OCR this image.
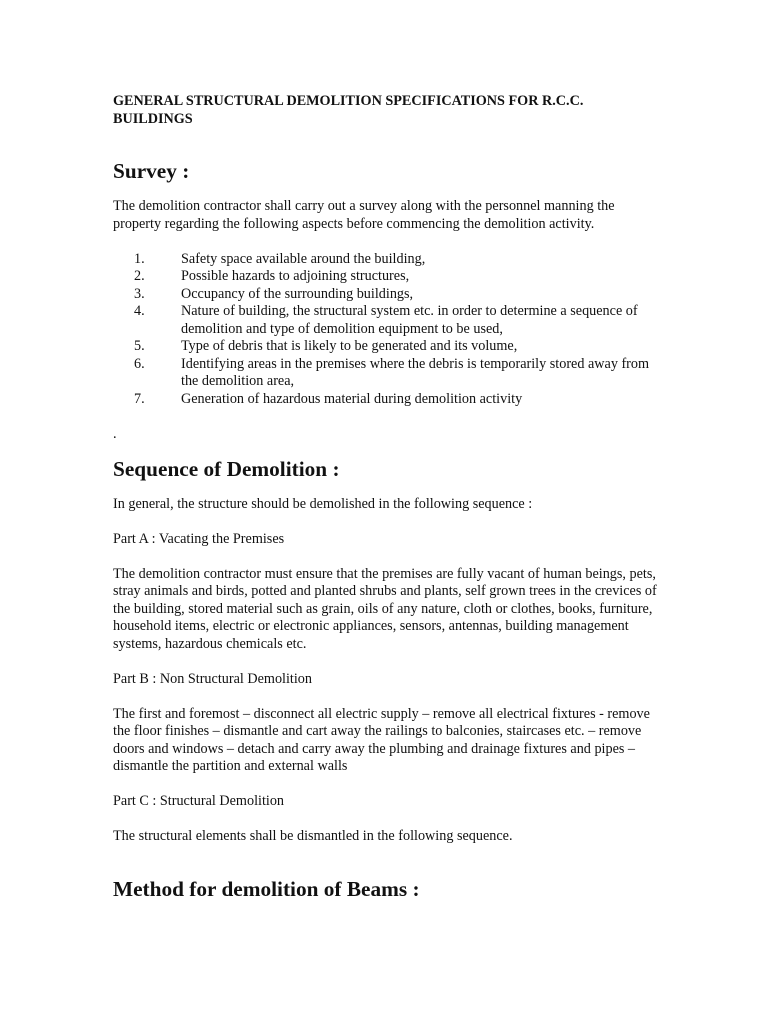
GENERAL STRUCTURAL DEMOLITION SPECIFICATIONS FOR R.C.C. BUILDINGS
Survey :

The demolition contractor shall carry out a survey along with the personnel manning the property regarding the following aspects before commencing the demolition activity.

1.	Safety space available around the building,
2.	Possible hazards to adjoining structures,
3.	Occupancy of the surrounding buildings,
4.	Nature of building, the structural system etc. in order to determine a sequence of demolition and type of demolition equipment to be used,
5.	Type of debris that is likely to be generated and its volume,
6.	Identifying areas in the premises where the debris is temporarily stored away from the demolition area,
7.	Generation of hazardous material during demolition activity
.
Sequence of Demolition :

In general, the structure should be demolished in the following sequence :

Part A : Vacating the Premises

The demolition contractor must ensure that the premises are fully vacant of human beings, pets, stray animals and birds, potted and planted shrubs and plants, self grown trees in the crevices of the building, stored material such as grain, oils of any nature, cloth or clothes, books, furniture, household items, electric or electronic appliances, sensors, antennas, building management systems, hazardous chemicals etc.

Part B : Non Structural Demolition

The first and foremost – disconnect all electric supply – remove all electrical fixtures - remove the floor finishes – dismantle and cart away the railings to balconies, staircases etc. – remove doors and windows – detach and carry away the plumbing and drainage fixtures and pipes – dismantle the partition and external walls

Part C : Structural Demolition

The structural elements shall be dismantled in the following sequence.

Method for demolition of Beams :
